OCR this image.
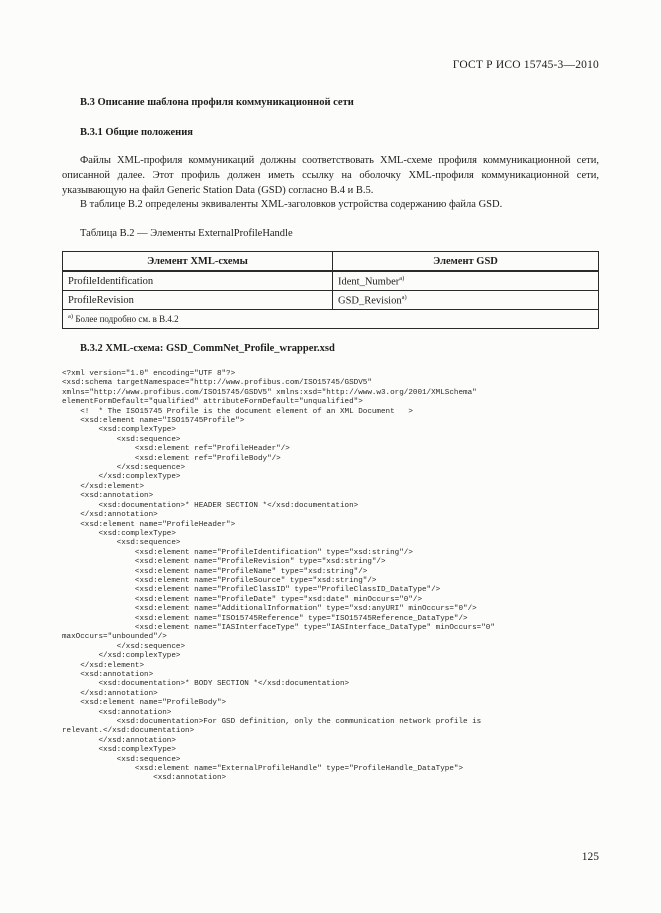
ГОСТ Р ИСО 15745-3—2010
B.3 Описание шаблона профиля коммуникационной сети
B.3.1 Общие положения
Файлы XML-профиля коммуникаций должны соответствовать XML-схеме профиля коммуникационной сети, описанной далее. Этот профиль должен иметь ссылку на оболочку XML-профиля коммуникационной сети, указывающую на файл Generic Station Data (GSD) согласно B.4 и B.5.
В таблице B.2 определены эквиваленты XML-заголовков устройства содержанию файла GSD.
Таблица B.2 — Элементы ExternalProfileHandle
Элемент XML-схемы	Элемент GSD
ProfileIdentification	Ident_Number$^{a)}$
ProfileRevision	GSD_Revision$^{a)}$
$^{a)}$ Более подробно см. в B.4.2	
B.3.2 XML-схема: GSD_CommNet_Profile_wrapper.xsd
<?xml version="1.0" encoding="UTF 8"?>
<xsd:schema targetNamespace="http://www.profibus.com/ISO15745/GSDV5"
xmlns="http://www.profibus.com/ISO15745/GSDV5" xmlns:xsd="http://www.w3.org/2001/XMLSchema"
elementFormDefault="qualified" attributeFormDefault="unqualified">
<!  * The ISO15745 Profile is the document element of an XML Document   >
<xsd:element name="ISO15745Profile">
<xsd:complexType>
<xsd:sequence>
<xsd:element ref="ProfileHeader"/>
<xsd:element ref="ProfileBody"/>
</xsd:sequence>
</xsd:complexType>
</xsd:element>
<xsd:annotation>
<xsd:documentation>* HEADER SECTION *</xsd:documentation>
</xsd:annotation>
<xsd:element name="ProfileHeader">
<xsd:complexType>
<xsd:sequence>
<xsd:element name="ProfileIdentification" type="xsd:string"/>
<xsd:element name="ProfileRevision" type="xsd:string"/>
<xsd:element name="ProfileName" type="xsd:string"/>
<xsd:element name="ProfileSource" type="xsd:string"/>
<xsd:element name="ProfileClassID" type="ProfileClassID_DataType"/>
<xsd:element name="ProfileDate" type="xsd:date" minOccurs="0"/>
<xsd:element name="AdditionalInformation" type="xsd:anyURI" minOccurs="0"/>
<xsd:element name="ISO15745Reference" type="ISO15745Reference_DataType"/>
<xsd:element name="IASInterfaceType" type="IASInterface_DataType" minOccurs="0"
maxOccurs="unbounded"/>
</xsd:sequence>
</xsd:complexType>
</xsd:element>
<xsd:annotation>
<xsd:documentation>* BODY SECTION *</xsd:documentation>
</xsd:annotation>
<xsd:element name="ProfileBody">
<xsd:annotation>
<xsd:documentation>For GSD definition, only the communication network profile is
relevant.</xsd:documentation>
</xsd:annotation>
<xsd:complexType>
<xsd:sequence>
<xsd:element name="ExternalProfileHandle" type="ProfileHandle_DataType">
<xsd:annotation>
125
